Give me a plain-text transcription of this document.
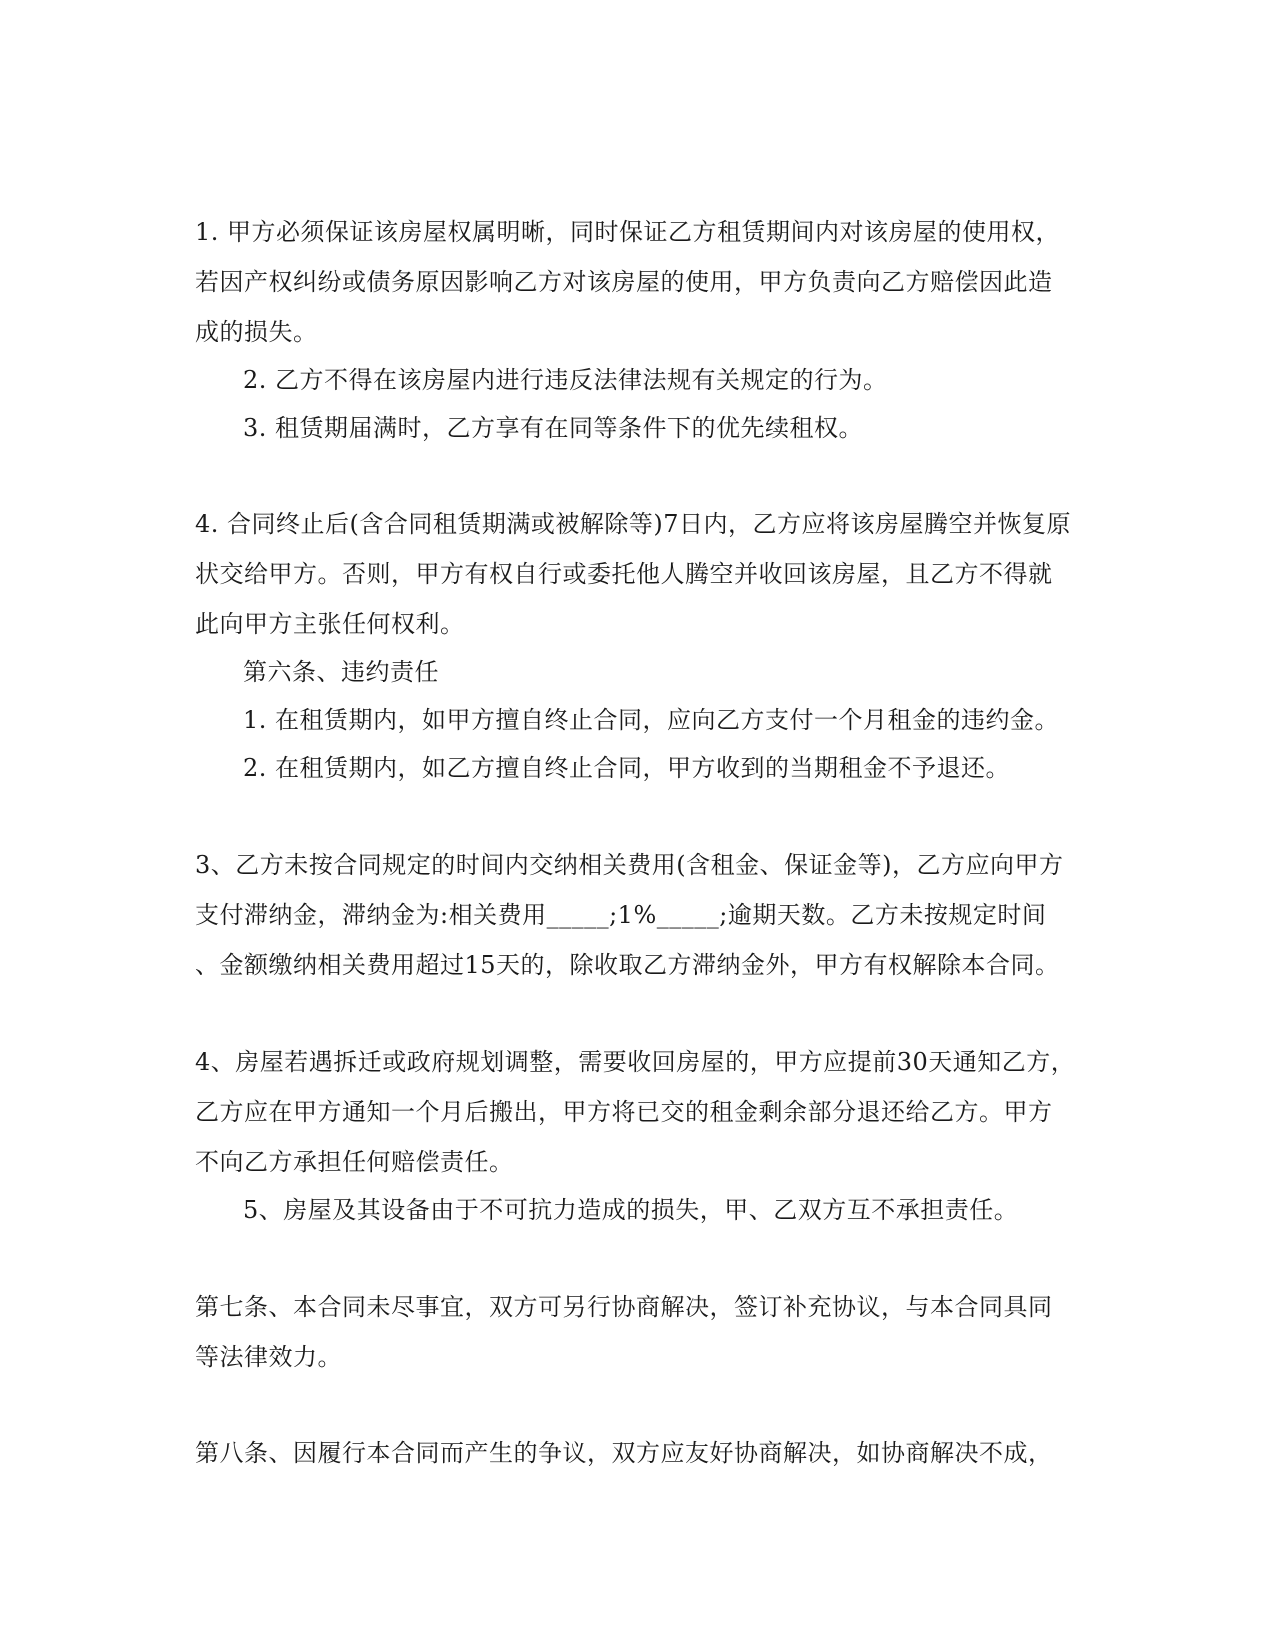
1. 甲方必须保证该房屋权属明晰，同时保证乙方租赁期间内对该房屋的使用权，
若因产权纠纷或债务原因影响乙方对该房屋的使用，甲方负责向乙方赔偿因此造
成的损失。
2. 乙方不得在该房屋内进行违反法律法规有关规定的行为。
3. 租赁期届满时，乙方享有在同等条件下的优先续租权。
4. 合同终止后(含合同租赁期满或被解除等)7日内，乙方应将该房屋腾空并恢复原
状交给甲方。否则，甲方有权自行或委托他人腾空并收回该房屋，且乙方不得就
此向甲方主张任何权利。
第六条、违约责任
1. 在租赁期内，如甲方擅自终止合同，应向乙方支付一个月租金的违约金。
2. 在租赁期内，如乙方擅自终止合同，甲方收到的当期租金不予退还。
3、乙方未按合同规定的时间内交纳相关费用(含租金、保证金等)，乙方应向甲方
支付滞纳金，滞纳金为:相关费用_____;1%_____;逾期天数。乙方未按规定时间
、金额缴纳相关费用超过15天的，除收取乙方滞纳金外，甲方有权解除本合同。
4、房屋若遇拆迁或政府规划调整，需要收回房屋的，甲方应提前30天通知乙方，
乙方应在甲方通知一个月后搬出，甲方将已交的租金剩余部分退还给乙方。甲方
不向乙方承担任何赔偿责任。
5、房屋及其设备由于不可抗力造成的损失，甲、乙双方互不承担责任。
第七条、本合同未尽事宜，双方可另行协商解决，签订补充协议，与本合同具同
等法律效力。
第八条、因履行本合同而产生的争议，双方应友好协商解决，如协商解决不成，
